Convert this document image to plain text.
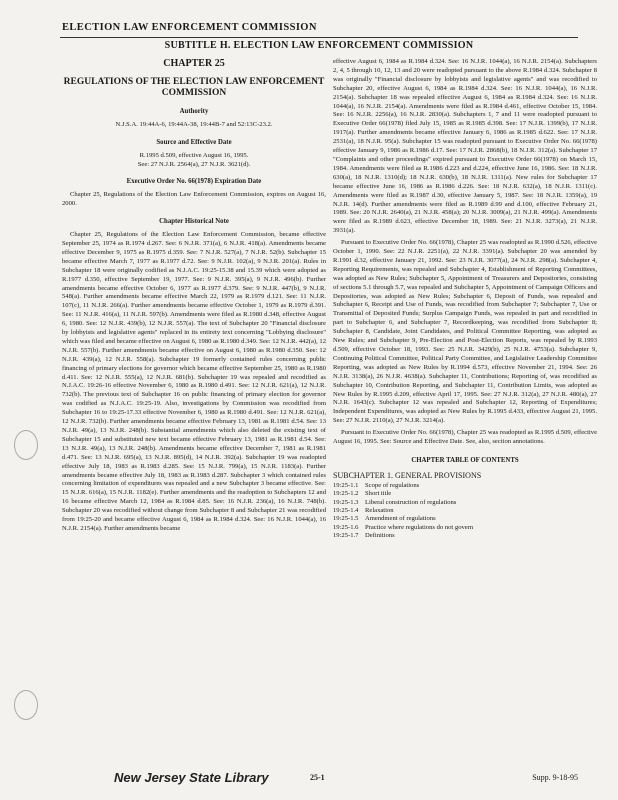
ELECTION LAW ENFORCEMENT COMMISSION
SUBTITLE H. ELECTION LAW ENFORCEMENT COMMISSION
CHAPTER 25
REGULATIONS OF THE ELECTION LAW ENFORCEMENT COMMISSION
Authority
N.J.S.A. 19:44A-6, 19:44A-38, 19:44B-7 and 52:13C-23.2.
Source and Effective Date
R.1995 d.509, effective August 16, 1995.
See: 27 N.J.R. 2564(a), 27 N.J.R. 3621(d).
Executive Order No. 66(1978) Expiration Date

Chapter 25, Regulations of the Election Law Enforcement Commission, expires on August 16, 2000.

Chapter Historical Note

Chapter 25, Regulations of the Election Law Enforcement Commission, became effective September 25, 1974 as R.1974 d.267. See: 6 N.J.R. 371(a), 6 N.J.R. 418(a). Amendments became effective December 9, 1975 as R.1975 d.359. See: 7 N.J.R. 527(a), 7 N.J.R. 52(b). Subchapter 15 became effective March 7, 1977 as R.1977 d.72. See: 9 N.J.R. 102(a), 9 N.J.R. 201(a). Rules in Subchapter 18 were originally codified as N.J.A.C. 19:25-15.38 and 15.39 which were adopted as R.1977 d.350, effective September 19, 1977. See: 9 N.J.R. 395(a), 9 N.J.R. 496(b). Further amendments became effective October 6, 1977 as R.1977 d.379. See: 9 N.J.R. 447(b), 9 N.J.R. 548(a). Further amendments became effective March 22, 1979 as R.1979 d.121. See: 11 N.J.R. 107(c), 11 N.J.R. 266(a). Further amendments became effective October 1, 1979 as R.1979 d.391. See: 11 N.J.R. 416(a), 11 N.J.R. 597(b). Amendments were filed as R.1980 d.348, effective August 6, 1980. See: 12 N.J.R. 439(b), 12 N.J.R. 557(a). The text of Subchapter 20 "Financial disclosure by lobbyists and legislative agents" replaced in its entirety text concerning "Lobbying disclosure" which was filed and became effective on August 6, 1980 as R.1980 d.349. See: 12 N.J.R. 442(a), 12 N.J.R. 557(b). Further amendments became effective on August 6, 1980 as R.1980 d.350. See: 12 N.J.R. 439(a), 12 N.J.R. 558(a). Subchapter 19 formerly contained rules concerning public financing of primary elections for governor which became effective September 25, 1980 as R.1980 d.411. See: 12 N.J.R. 555(a), 12 N.J.R. 681(b). Subchapter 19 was repealed and recodified as N.J.A.C. 19:26-16 effective November 6, 1980 as R.1980 d.491. See: 12 N.J.R. 621(a), 12 N.J.R. 732(b). The previous text of Subchapter 16 on public financing of primary election for governor was codified as N.J.A.C. 19:25-19. Also, investigations by Commission was recodified from Subchapter 16 to 19:25-17.33 effective November 6, 1980 as R.1980 d.491. See: 12 N.J.R. 621(a), 12 N.J.R. 732(b). Further amendments became effective February 13, 1981 as R.1981 d.54. See: 13 N.J.R. 49(a), 13 N.J.R. 248(b). Substantial amendments which also deleted the existing text of Subchapter 15 and substituted new text became effective February 13, 1981 as R.1981 d.54. See: 13 N.J.R. 49(a), 13 N.J.R. 248(b). Amendments became effective December 7, 1981 as R.1981 d.471. See: 13 N.J.R. 695(a), 13 N.J.R. 895(d), 14 N.J.R. 392(a). Subchapter 19 was readopted effective July 18, 1983 as R.1983 d.285. See: 15 N.J.R. 799(a), 15 N.J.R. 1183(a). Further amendments became effective July 18, 1983 as R.1983 d.287. Subchapter 3 which contained rules concerning limitation of expenditures was repealed and a new Subchapter 3 became effective. See: 15 N.J.R. 616(a), 15 N.J.R. 1182(e). Further amendments and the readoption to Subchapters 12 and 16 became effective March 12, 1984 as R.1984 d.85. See: 16 N.J.R. 236(a), 16 N.J.R. 748(b). Subchapter 20 was recodified without change from Subchapter 8 and Subchapter 21 was recodified from 19:25-20 and became effective August 6, 1984 as R.1984 d.324. See: 16 N.J.R. 1044(a), 16 N.J.R. 2154(a). Further amendments became

effective August 6, 1984 as R.1984 d.324. See: 16 N.J.R. 1044(a), 16 N.J.R. 2154(a). Subchapters 2, 4, 5 through 10, 12, 13 and 20 were readopted pursuant to the above R.1984 d.324. Subchapter 8 was originally "Financial disclosure by lobbyists and legislative agents" and was recodified to Subchapter 20, effective August 6, 1984 as R.1984 d.324. See: 16 N.J.R. 1044(a), 16 N.J.R. 2154(a). Subchapter 18 was repealed effective August 6, 1984 as R.1984 d.324. See: 16 N.J.R. 1044(a), 16 N.J.R. 2154(a). Amendments were filed as R.1984 d.461, effective October 15, 1984. See: 16 N.J.R. 2256(a), 16 N.J.R. 2830(a). Subchapters 1, 7 and 11 were readopted pursuant to Executive Order 66(1978) filed July 15, 1985 as R.1985 d.398. See: 17 N.J.R. 1399(b), 17 N.J.R. 1917(a). Further amendments became effective January 6, 1986 as R.1985 d.622. See: 17 N.J.R. 2531(a), 18 N.J.R. 95(a). Subchapter 15 was readopted pursuant to Executive Order No. 66(1978) effective January 9, 1986 as R.1986 d.17. See: 17 N.J.R. 2868(b), 18 N.J.R. 312(a). Subchapter 17 "Complaints and other proceedings" expired pursuant to Executive Order 66(1978) on March 15, 1984. Amendments were filed as R.1986 d.223 and d.224, effective June 16, 1986. See: 18 N.J.R. 630(a), 18 N.J.R. 1310(d); 18 N.J.R. 630(b), 18 N.J.R. 1311(a). New rules for Subchapter 17 became effective June 16, 1986 as R.1986 d.226. See: 18 N.J.R. 632(a), 18 N.J.R. 1311(c). Amendments were filed as R.1987 d.30, effective January 5, 1987. See: 18 N.J.R. 1359(a), 19 N.J.R. 14(d). Further amendments were filed as R.1989 d.99 and d.100, effective February 21, 1989. See: 20 N.J.R. 2640(a), 21 N.J.R. 458(a); 20 N.J.R. 3009(a), 21 N.J.R. 499(a). Amendments were filed as R.1989 d.623, effective December 18, 1989. See: 21 N.J.R. 3273(a), 21 N.J.R. 3931(a).

Pursuant to Executive Order No. 66(1978), Chapter 25 was readopted as R.1990 d.526, effective October 1, 1990. See: 22 N.J.R. 2251(a), 22 N.J.R. 3391(a). Subchapter 20 was amended by R.1991 d.32, effective January 21, 1992. See: 23 N.J.R. 3077(a), 24 N.J.R. 298(a). Subchapter 4, Reporting Requirements, was repealed and Subchapter 4, Establishment of Reporting Committees, was adopted as New Rules; Subchapter 5, Appointment of Treasurers and Depositories, consisting of sections 5.1 through 5.7, was repealed and Subchapter 5, Appointment of Campaign Officers and Depositories, was adopted as New Rules; Subchapter 6, Deposit of Funds, was repealed and Subchapter 6, Receipt and Use of Funds, was recodified from Subchapter 7; Subchapter 7, Use or Transmittal of Deposited Funds; Surplus Campaign Funds, was repealed in part and recodified in part to Subchapter 6, and Subchapter 7, Recordkeeping, was recodified from Subchapter 8; Subchapter 8, Candidate, Joint Candidates, and Political Committee Reporting, was adopted as New Rules; and Subchapter 9, Pre-Election and Post-Election Reports, was repealed by R.1993 d.509, effective October 18, 1993. See: 25 N.J.R. 3429(b), 25 N.J.R. 4753(a). Subchapter 9, Continuing Political Committee, Political Party Committee, and Legislative Leadership Committee Reporting, was adopted as New Rules by R.1994 d.573, effective November 21, 1994. See: 26 N.J.R. 3138(a), 26 N.J.R. 4638(a). Subchapter 11, Contributions; Reporting of, was recodified as Subchapter 10, Contribution Reporting, and Subchapter 11, Contribution Limits, was adopted as New Rules by R.1995 d.209, effective April 17, 1995. See: 27 N.J.R. 312(a), 27 N.J.R. 480(a), 27 N.J.R. 1643(c). Subchapter 12 was repealed and Subchapter 12, Reporting of Expenditures; Independent Expenditures, was adopted as New Rules by R.1995 d.433, effective August 21, 1995. See: 27 N.J.R. 2110(a), 27 N.J.R. 3214(a).

Pursuant to Executive Order No. 66(1978), Chapter 25 was readopted as R.1995 d.509, effective August 16, 1995. See: Source and Effective Date. See, also, section annotations.

CHAPTER TABLE OF CONTENTS
SUBCHAPTER 1. GENERAL PROVISIONS
19:25-1.1 Scope of regulations
19:25-1.2 Short title
19:25-1.3 Liberal construction of regulations
19:25-1.4 Relaxation
19:25-1.5 Amendment of regulations
19:25-1.6 Practice where regulations do not govern
19:25-1.7 Definitions
New Jersey State Library	25-1	Supp. 9-18-95
